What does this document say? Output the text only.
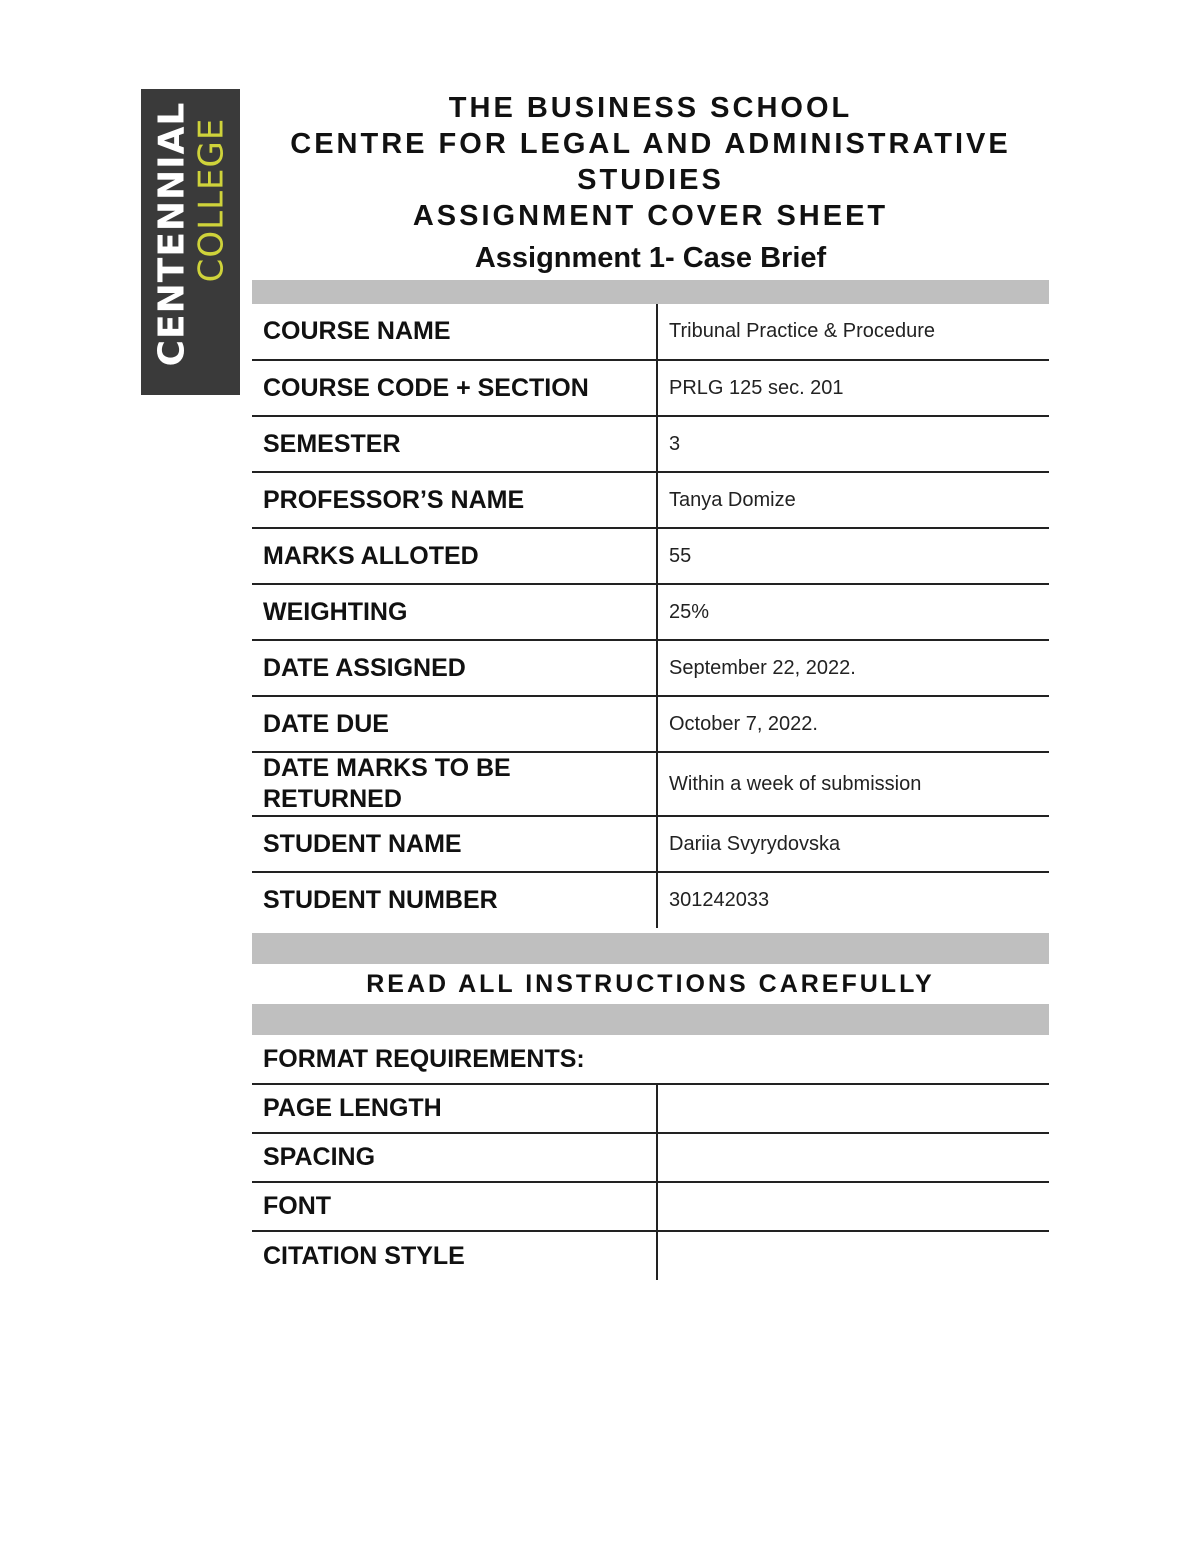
CENTENNIAL COLLEGE
THE BUSINESS SCHOOL
CENTRE FOR LEGAL AND ADMINISTRATIVE
STUDIES
ASSIGNMENT COVER SHEET
Assignment 1- Case Brief
COURSE NAME	Tribunal Practice & Procedure
COURSE CODE + SECTION	PRLG 125 sec. 201
SEMESTER	3
PROFESSOR’S NAME	Tanya Domize
MARKS ALLOTED	55
WEIGHTING	25%
DATE ASSIGNED	September 22, 2022.
DATE DUE	October 7, 2022.
DATE MARKS TO BE RETURNED	Within a week of submission
STUDENT NAME	Dariia Svyrydovska
STUDENT NUMBER	301242033
READ ALL INSTRUCTIONS CAREFULLY
FORMAT REQUIREMENTS:	
PAGE LENGTH	
SPACING	
FONT	
CITATION STYLE	
